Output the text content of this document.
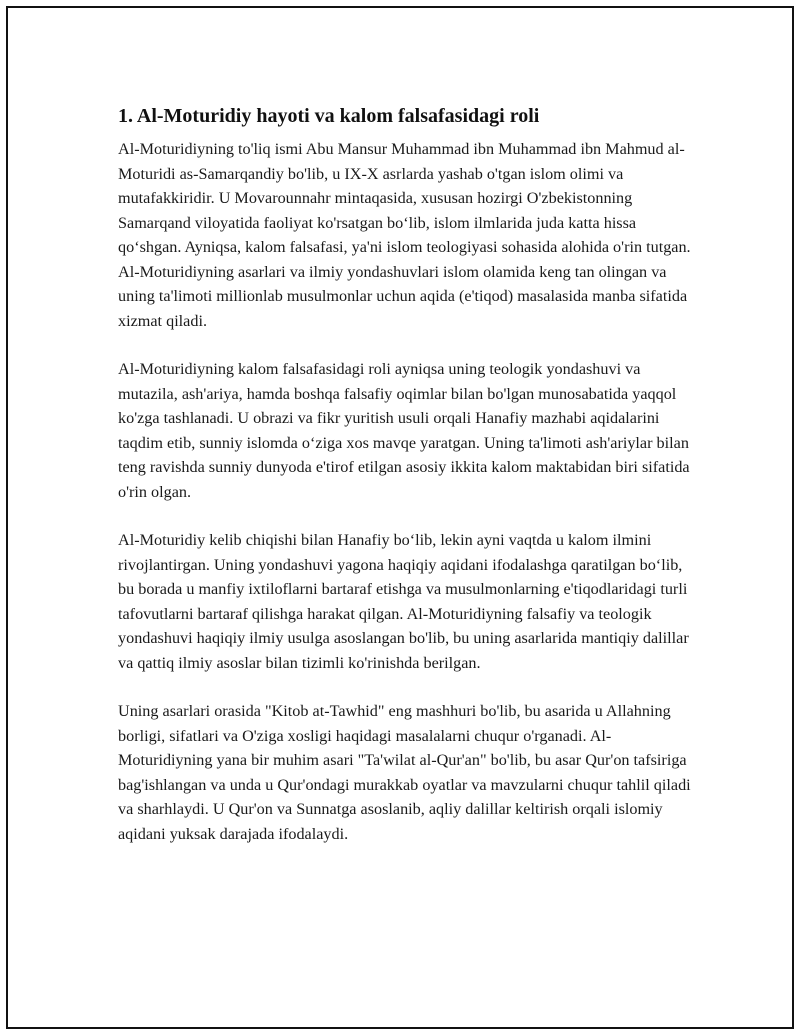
1. Al-Moturidiy hayoti va kalom falsafasidagi roli

Al-Moturidiyning to'liq ismi Abu Mansur Muhammad ibn Muhammad ibn Mahmud al-Moturidi as-Samarqandiy bo'lib, u IX-X asrlarda yashab o'tgan islom olimi va mutafakkiridir. U Movarounnahr mintaqasida, xususan hozirgi O'zbekistonning Samarqand viloyatida faoliyat ko'rsatgan bo‘lib, islom ilmlarida juda katta hissa qo‘shgan. Ayniqsa, kalom falsafasi, ya'ni islom teologiyasi sohasida alohida o'rin tutgan. Al-Moturidiyning asarlari va ilmiy yondashuvlari islom olamida keng tan olingan va uning ta'limoti millionlab musulmonlar uchun aqida (e'tiqod) masalasida manba sifatida xizmat qiladi.

Al-Moturidiyning kalom falsafasidagi roli ayniqsa uning teologik yondashuvi va mutazila, ash'ariya, hamda boshqa falsafiy oqimlar bilan bo'lgan munosabatida yaqqol ko'zga tashlanadi. U obrazi va fikr yuritish usuli orqali Hanafiy mazhabi aqidalarini taqdim etib, sunniy islomda o‘ziga xos mavqe yaratgan. Uning ta'limoti ash'ariylar bilan teng ravishda sunniy dunyoda e'tirof etilgan asosiy ikkita kalom maktabidan biri sifatida o'rin olgan.

Al-Moturidiy kelib chiqishi bilan Hanafiy bo‘lib, lekin ayni vaqtda u kalom ilmini rivojlantirgan. Uning yondashuvi yagona haqiqiy aqidani ifodalashga qaratilgan bo‘lib, bu borada u manfiy ixtiloflarni bartaraf etishga va musulmonlarning e'tiqodlaridagi turli tafovutlarni bartaraf qilishga harakat qilgan. Al-Moturidiyning falsafiy va teologik yondashuvi haqiqiy ilmiy usulga asoslangan bo'lib, bu uning asarlarida mantiqiy dalillar va qattiq ilmiy asoslar bilan tizimli ko'rinishda berilgan.

Uning asarlari orasida "Kitob at-Tawhid" eng mashhuri bo'lib, bu asarida u Allahning borligi, sifatlari va O'ziga xosligi haqidagi masalalarni chuqur o'rganadi. Al-Moturidiyning yana bir muhim asari "Ta'wilat al-Qur'an" bo'lib, bu asar Qur'on tafsiriga bag'ishlangan va unda u Qur'ondagi murakkab oyatlar va mavzularni chuqur tahlil qiladi va sharhlaydi. U Qur'on va Sunnatga asoslanib, aqliy dalillar keltirish orqali islomiy aqidani yuksak darajada ifodalaydi.
